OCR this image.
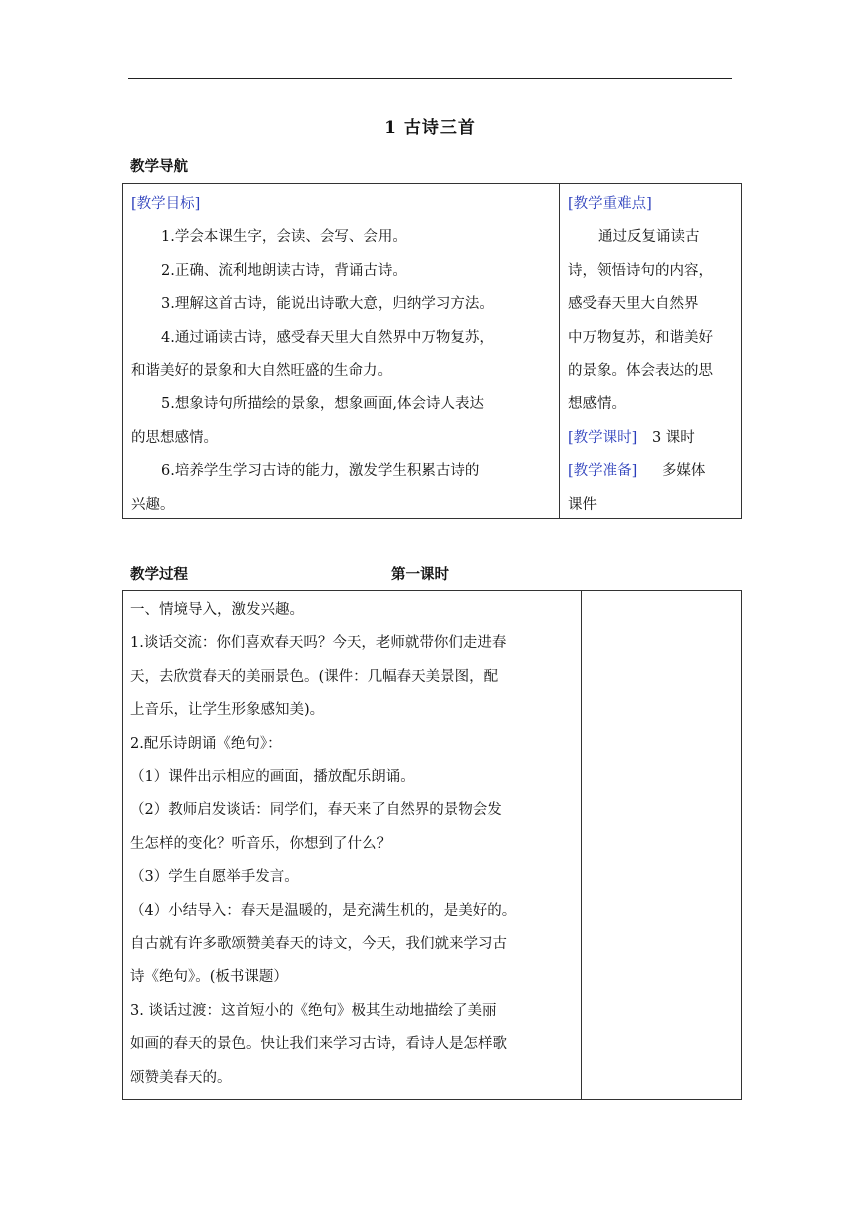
1 古诗三首
教学导航
[教学目标]
1.学会本课生字，会读、会写、会用。
2.正确、流利地朗读古诗，背诵古诗。
3.理解这首古诗，能说出诗歌大意，归纳学习方法。
4.通过诵读古诗，感受春天里大自然界中万物复苏，
和谐美好的景象和大自然旺盛的生命力。
5.想象诗句所描绘的景象，想象画面,体会诗人表达
的思想感情。
6.培养学生学习古诗的能力，激发学生积累古诗的
兴趣。

[教学重难点]
通过反复诵读古
诗，领悟诗句的内容，
感受春天里大自然界
中万物复苏，和谐美好
的景象。体会表达的思
想感情。
[教学课时] 3 课时
[教学准备] 多媒体
课件
教学过程	第一课时
一、情境导入，激发兴趣。
1.谈话交流：你们喜欢春天吗？今天，老师就带你们走进春
天，去欣赏春天的美丽景色。(课件：几幅春天美景图，配
上音乐，让学生形象感知美)。
2.配乐诗朗诵《绝句》：
（1）课件出示相应的画面，播放配乐朗诵。
（2）教师启发谈话：同学们，春天来了自然界的景物会发
生怎样的变化？听音乐，你想到了什么？
（3）学生自愿举手发言。
（4）小结导入：春天是温暖的，是充满生机的，是美好的。
自古就有许多歌颂赞美春天的诗文，今天，我们就来学习古
诗《绝句》。(板书课题）
3. 谈话过渡：这首短小的《绝句》极其生动地描绘了美丽
如画的春天的景色。快让我们来学习古诗，看诗人是怎样歌
颂赞美春天的。
